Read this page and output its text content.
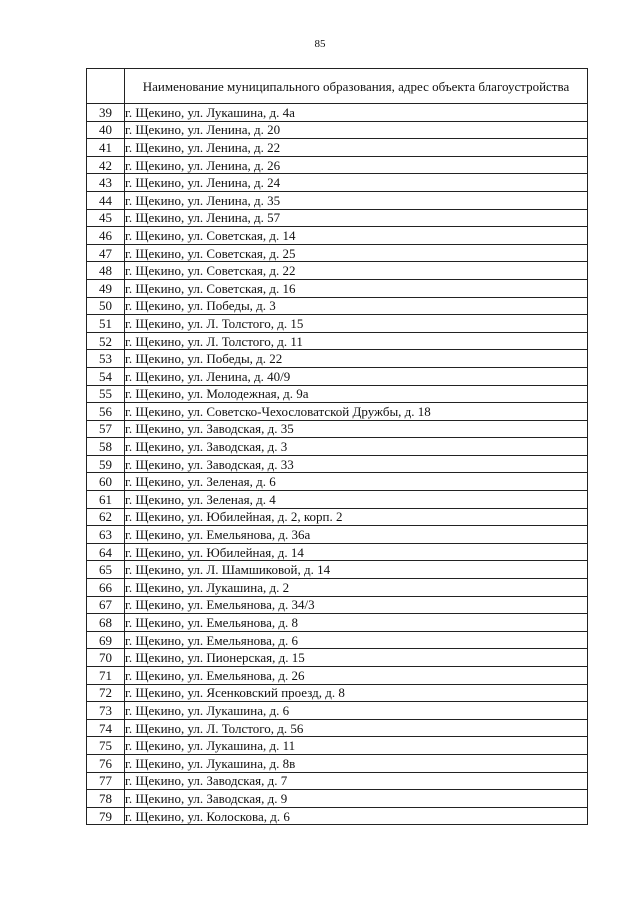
85
	Наименование муниципального образования, адрес объекта благоустройства
39	г. Щекино, ул. Лукашина, д. 4а
40	г. Щекино, ул. Ленина, д. 20
41	г. Щекино, ул. Ленина, д. 22
42	г. Щекино, ул. Ленина, д. 26
43	г. Щекино, ул. Ленина, д. 24
44	г. Щекино, ул. Ленина, д. 35
45	г. Щекино, ул. Ленина, д. 57
46	г. Щекино, ул. Советская, д. 14
47	г. Щекино, ул. Советская, д. 25
48	г. Щекино, ул. Советская, д. 22
49	г. Щекино, ул. Советская, д. 16
50	г. Щекино, ул. Победы, д. 3
51	г. Щекино, ул. Л. Толстого, д. 15
52	г. Щекино, ул. Л. Толстого, д. 11
53	г. Щекино, ул. Победы, д. 22
54	г. Щекино, ул. Ленина, д. 40/9
55	г. Щекино, ул. Молодежная, д. 9а
56	г. Щекино, ул. Советско-Чехословатской Дружбы, д. 18
57	г. Щекино, ул. Заводская, д. 35
58	г. Щекино, ул. Заводская, д. 3
59	г. Щекино, ул. Заводская, д. 33
60	г. Щекино, ул. Зеленая, д. 6
61	г. Щекино, ул. Зеленая, д. 4
62	г. Щекино, ул. Юбилейная, д. 2, корп. 2
63	г. Щекино, ул. Емельянова, д. 36а
64	г. Щекино, ул. Юбилейная, д. 14
65	г. Щекино, ул. Л. Шамшиковой, д. 14
66	г. Щекино, ул. Лукашина, д. 2
67	г. Щекино, ул. Емельянова, д. 34/3
68	г. Щекино, ул. Емельянова, д. 8
69	г. Щекино, ул. Емельянова, д. 6
70	г. Щекино, ул. Пионерская, д. 15
71	г. Щекино, ул. Емельянова, д. 26
72	г. Щекино, ул. Ясенковский проезд, д. 8
73	г. Щекино, ул. Лукашина, д. 6
74	г. Щекино, ул. Л. Толстого, д. 56
75	г. Щекино, ул. Лукашина, д. 11
76	г. Щекино, ул. Лукашина, д. 8в
77	г. Щекино, ул. Заводская, д. 7
78	г. Щекино, ул. Заводская, д. 9
79	г. Щекино, ул. Колоскова, д. 6
